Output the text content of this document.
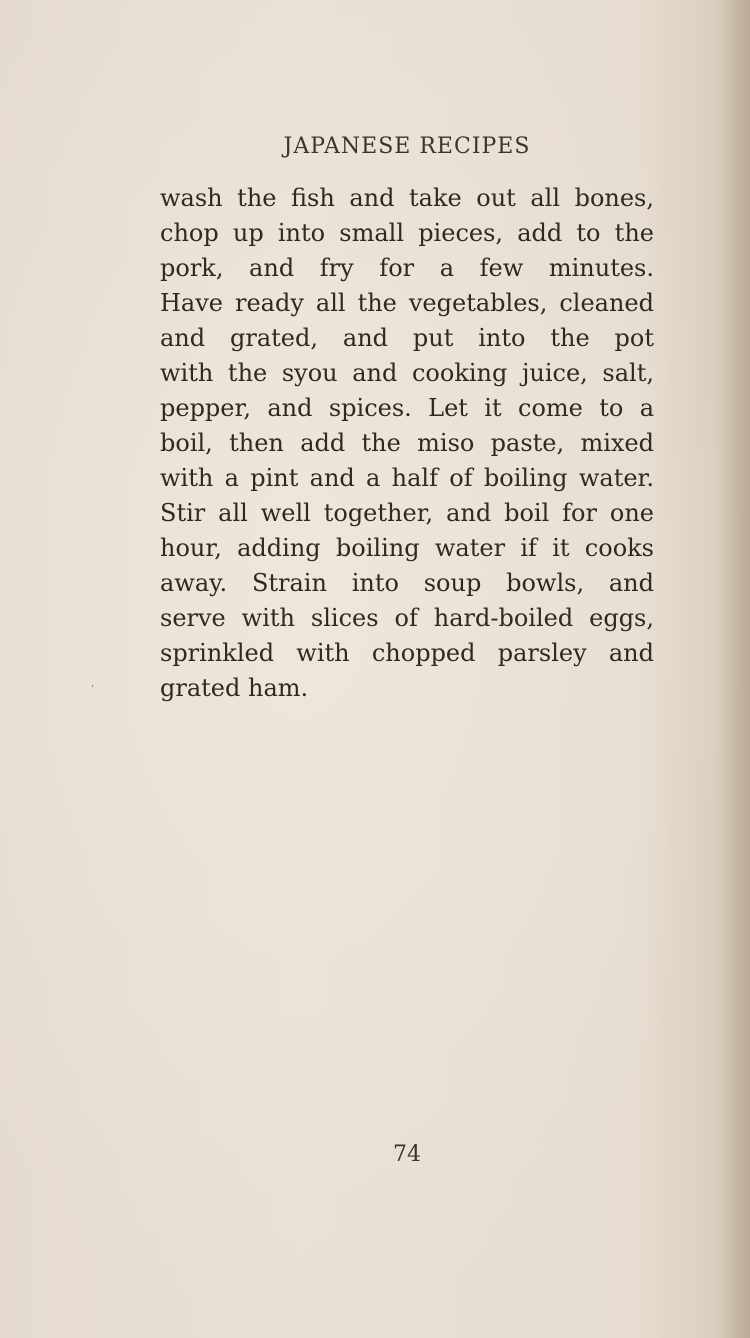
JAPANESE RECIPES

wash the fish and take out all bones,
chop up into small pieces, add to the
pork, and fry for a few minutes.
Have ready all the vegetables, cleaned
and grated, and put into the pot
with the syou and cooking juice, salt,
pepper, and spices. Let it come to a
boil, then add the miso paste, mixed
with a pint and a half of boiling water.
Stir all well together, and boil for one
hour, adding boiling water if it cooks
away. Strain into soup bowls, and
serve with slices of hard-boiled eggs,
sprinkled with chopped parsley and
grated ham.

ʼ
74
